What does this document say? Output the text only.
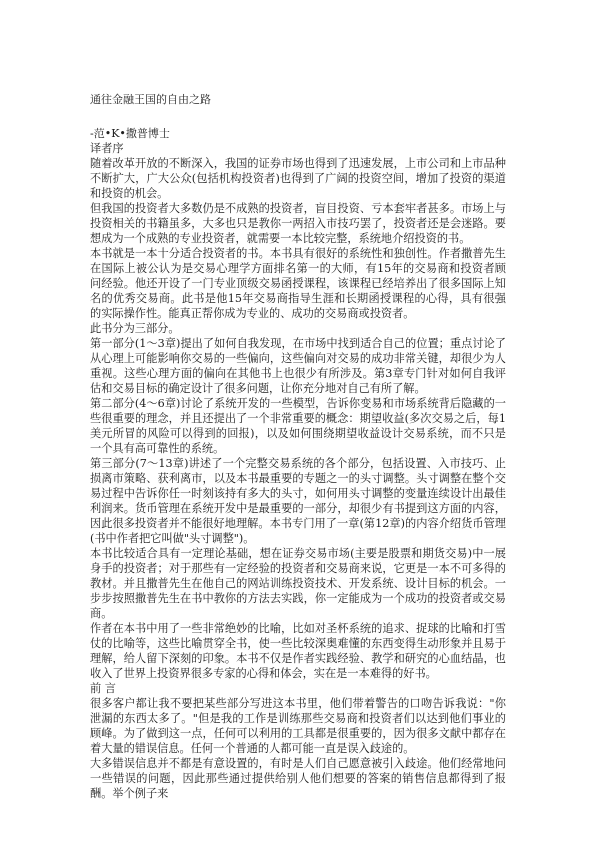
通往金融王国的自由之路
-范•K•撒普博士

译者序

随着改革开放的不断深入，我国的证券市场也得到了迅速发展，上市公司和上市品种不断扩大，广大公众(包括机构投资者)也得到了广阔的投资空间，增加了投资的渠道和投资的机会。

但我国的投资者大多数仍是不成熟的投资者，盲目投资、亏本套牢者甚多。市场上与投资相关的书籍虽多，大多也只是教你一两招入市技巧罢了，投资者还是会迷路。要想成为一个成熟的专业投资者，就需要一本比较完整，系统地介绍投资的书。

本书就是一本十分适合投资者的书。本书具有很好的系统性和独创性。作者撒普先生在国际上被公认为是交易心理学方面排名第一的大师，有15年的交易商和投资者顾问经验。他还开设了一门专业顶级交易函授课程，该课程已经培养出了很多国际上知名的优秀交易商。此书是他15年交易商指导生涯和长期函授课程的心得，具有很强的实际操作性。能真正帮你成为专业的、成功的交易商或投资者。

此书分为三部分。

第一部分(1～3章)提出了如何自我发现，在市场中找到适合自己的位置；重点讨论了从心理上可能影响你交易的一些偏向，这些偏向对交易的成功非常关键，却很少为人重视。这些心理方面的偏向在其他书上也很少有所涉及。第3章专门针对如何自我评估和交易目标的确定设计了很多问题，让你充分地对自己有所了解。

第二部分(4～6章)讨论了系统开发的一些模型，告诉你变易和市场系统背后隐藏的一些很重要的理念，并且还提出了一个非常重要的概念：期望收益(多次交易之后，每1美元所冒的风险可以得到的回报)，以及如何围绕期望收益设计交易系统，而不只是一个具有高可靠性的系统。

第三部分(7～13章)讲述了一个完整交易系统的各个部分，包括设置、入市技巧、止损离市策略、获利离市，以及本书最重要的专题之一的头寸调整。头寸调整在整个交易过程中告诉你任一时刻该持有多大的头寸，如何用头寸调整的变量连续设计出最佳利润来。货币管理在系统开发中是最重要的一部分，却很少有书提到这方面的内容，因此很多投资者并不能很好地理解。本书专门用了一章(第12章)的内容介绍货币管理(书中作者把它叫做"头寸调整")。

本书比较适合具有一定理论基础，想在证券交易市场(主要是股票和期货交易)中一展身手的投资者；对于那些有一定经验的投资者和交易商来说，它更是一本不可多得的教材。并且撒普先生在他自己的网站训练投资技术、开发系统、设计目标的机会。一步步按照撒普先生在书中教你的方法去实践，你一定能成为一个成功的投资者或交易商。

作者在本书中用了一些非常绝妙的比喻，比如对圣杯系统的追求、捉球的比喻和打雪仗的比喻等，这些比喻贯穿全书，使一些比较深奥难懂的东西变得生动形象并且易于理解，给人留下深刻的印象。本书不仅是作者实践经验、教学和研究的心血结晶，也收入了世界上投资界很多专家的心得和体会，实在是一本难得的好书。

前 言

很多客户都让我不要把某些部分写进这本书里，他们带着警告的口吻告诉我说："你泄漏的东西太多了。"但是我的工作是训练那些交易商和投资者们以达到他们事业的顾峰。为了做到这一点，任何可以利用的工具都是很重要的，因为很多文献中都存在着大量的错误信息。任何一个普通的人都可能一直是误入歧途的。

大多错误信息并不都是有意设置的，有时是人们自己愿意被引入歧途。他们经常地问一些错误的问题，因此那些通过提供给别人他们想要的答案的销售信息都得到了报酬。举个例子来
